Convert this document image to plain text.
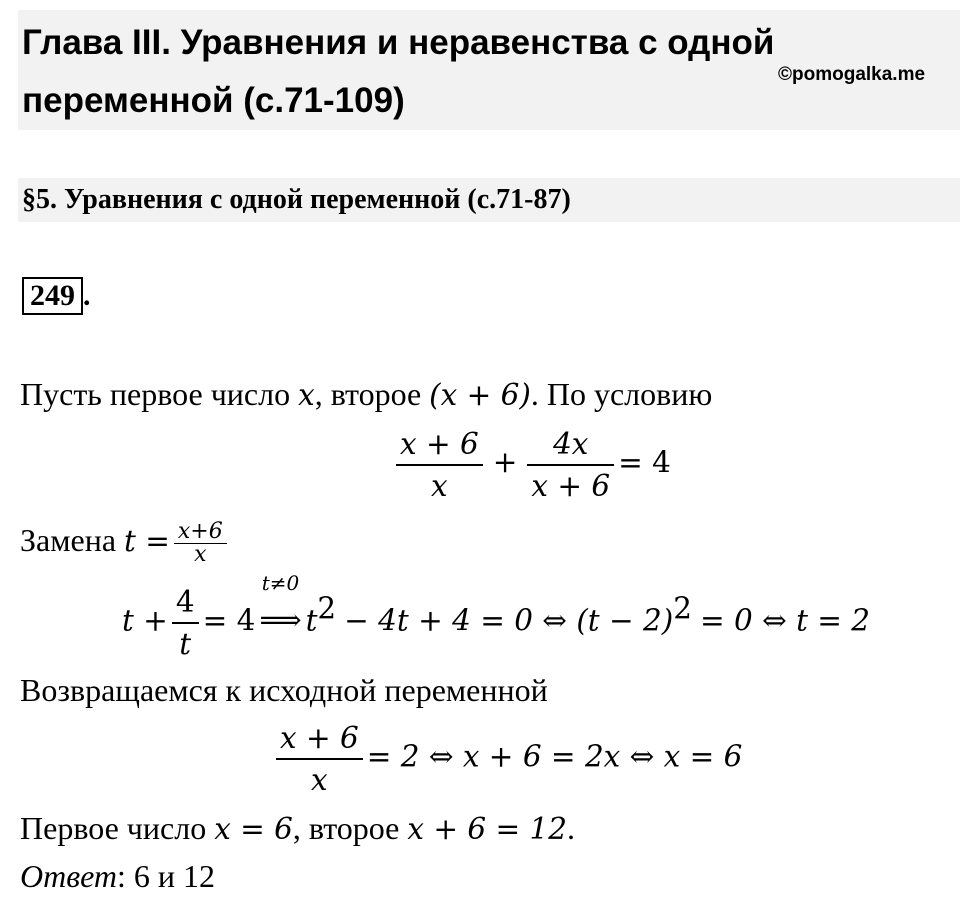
Глава III. Уравнения и неравенства с одной переменной (с.71-109)
©pomogalka.me
§5. Уравнения с одной переменной (с.71-87)
249 .
Пусть первое число x, второе (x + 6). По условию
$\frac{x + 6}{x} + \frac{4x}{x + 6} = 4$
Замена $t = \frac{x+6}{x}$
$t + \frac{4}{t} = 4$
t≠0
⟹ $t^2 - 4t + 4 = 0$ ⇔ $(t - 2)^2 = 0$ ⇔ t = 2
Возвращаемся к исходной переменной
$\frac{x + 6}{x} = 2$ ⇔ x + 6 = 2x ⇔ x = 6
Первое число x = 6, второе x + 6 = 12.
Ответ: 6 и 12
